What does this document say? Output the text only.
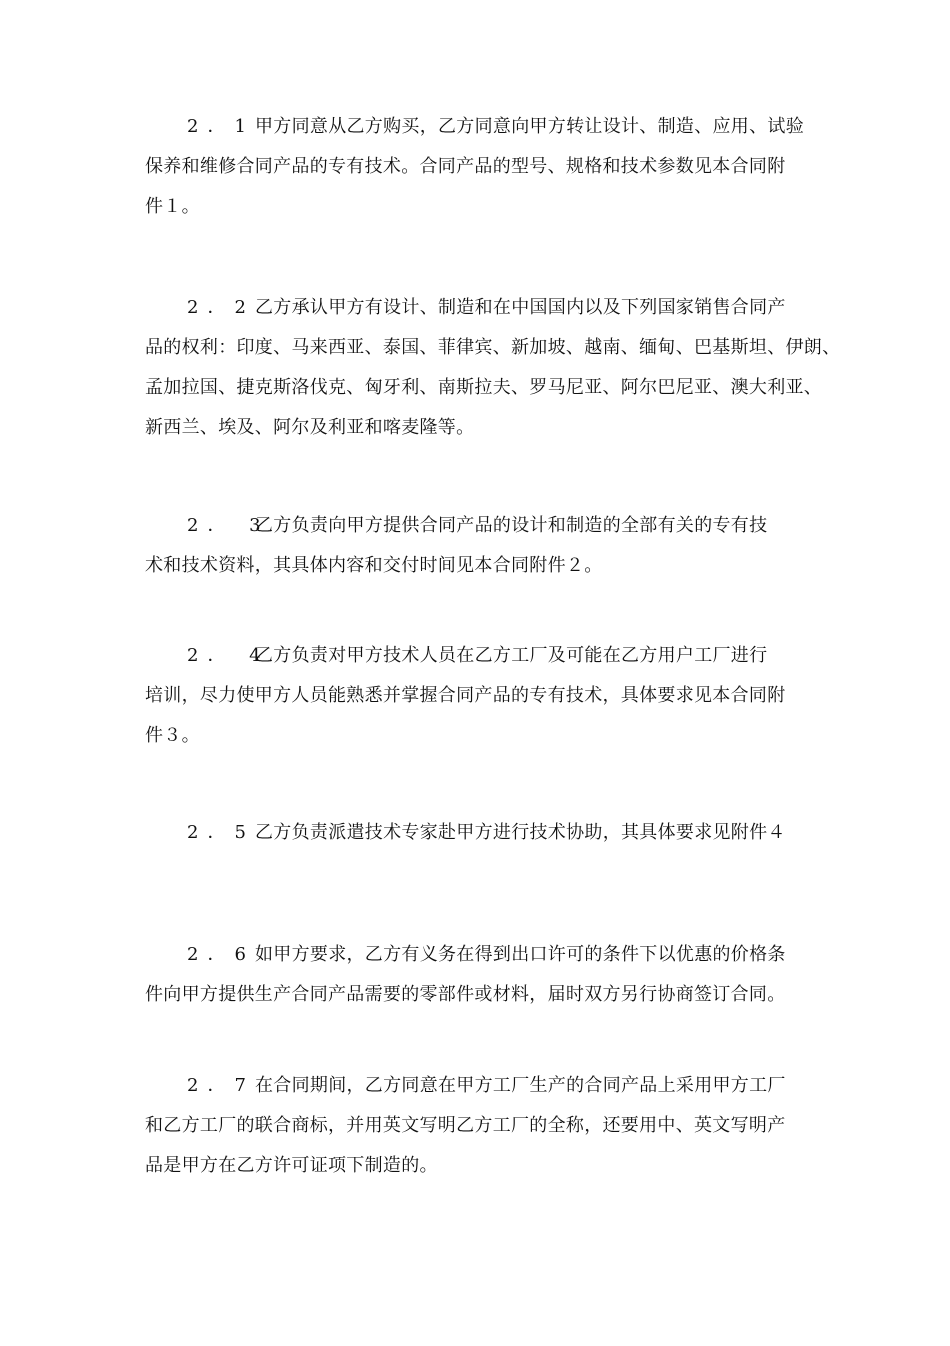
2．1甲方同意从乙方购买，乙方同意向甲方转让设计、制造、应用、试验
保养和维修合同产品的专有技术。合同产品的型号、规格和技术参数见本合同附
件１。

2．2乙方承认甲方有设计、制造和在中国国内以及下列国家销售合同产
品的权利：印度、马来西亚、泰国、菲律宾、新加坡、越南、缅甸、巴基斯坦、伊朗、
孟加拉国、捷克斯洛伐克、匈牙利、南斯拉夫、罗马尼亚、阿尔巴尼亚、澳大利亚、
新西兰、埃及、阿尔及利亚和喀麦隆等。

2． 3乙方负责向甲方提供合同产品的设计和制造的全部有关的专有技
术和技术资料，其具体内容和交付时间见本合同附件２。

2． 4乙方负责对甲方技术人员在乙方工厂及可能在乙方用户工厂进行
培训，尽力使甲方人员能熟悉并掌握合同产品的专有技术，具体要求见本合同附
件３。

2．5乙方负责派遣技术专家赴甲方进行技术协助，其具体要求见附件４

2．6如甲方要求，乙方有义务在得到出口许可的条件下以优惠的价格条
件向甲方提供生产合同产品需要的零部件或材料，届时双方另行协商签订合同。

2．7在合同期间，乙方同意在甲方工厂生产的合同产品上采用甲方工厂
和乙方工厂的联合商标，并用英文写明乙方工厂的全称，还要用中、英文写明产
品是甲方在乙方许可证项下制造的。
